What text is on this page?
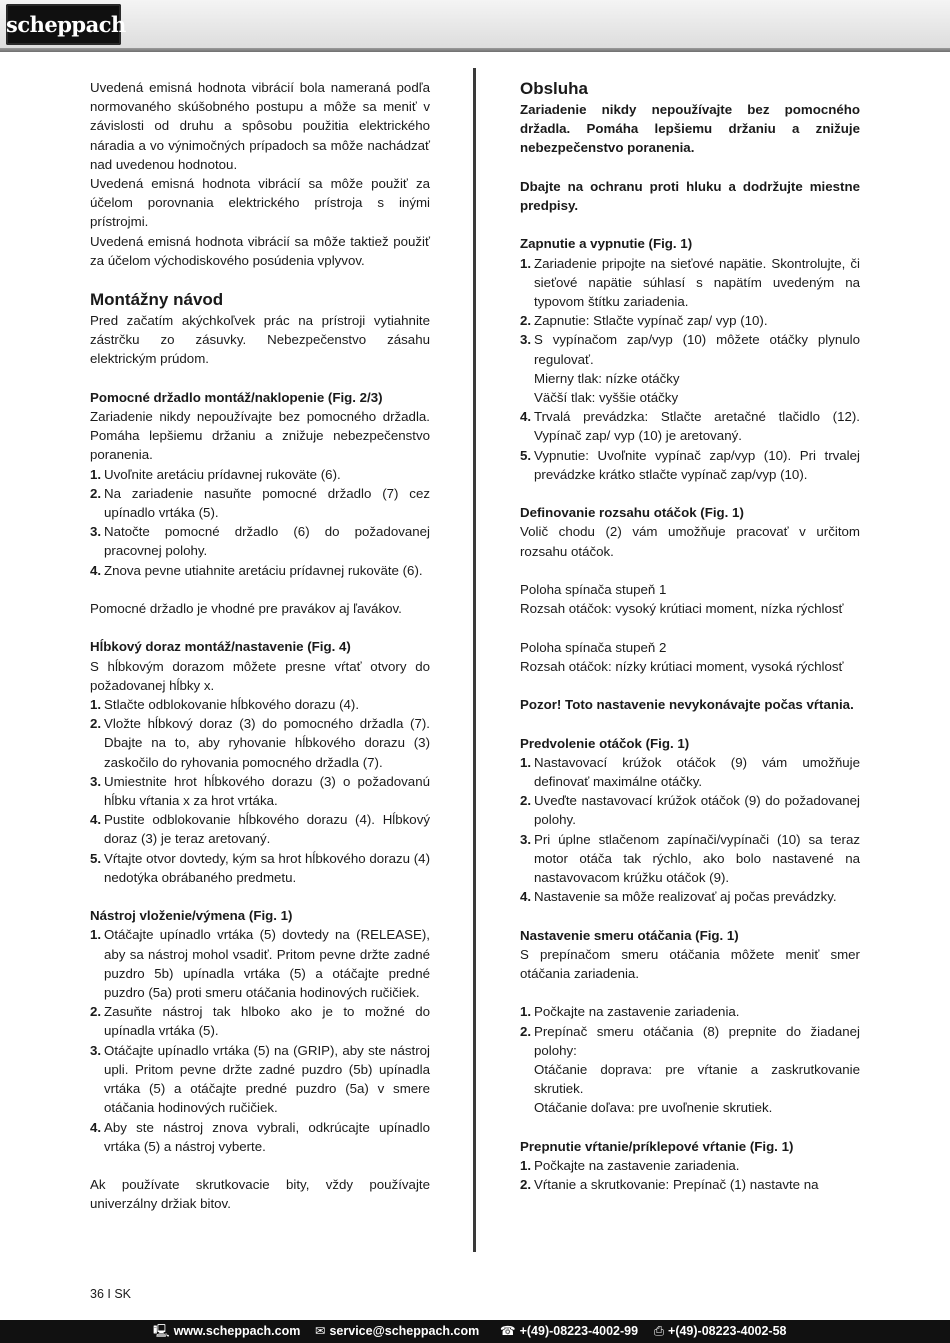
scheppach

Uvedená emisná hodnota vibrácií bola nameraná podľa normovaného skúšobného postupu a môže sa meniť v závislosti od druhu a spôsobu použitia elektrického náradia a vo výnimočných prípadoch sa môže nachádzať nad uvedenou hodnotou.

Uvedená emisná hodnota vibrácií sa môže použiť za účelom porovnania elektrického prístroja s inými prístrojmi.

Uvedená emisná hodnota vibrácií sa môže taktiež použiť za účelom východiskového posúdenia vplyvov.

Montážny návod

Pred začatím akýchkoľvek prác na prístroji vytiahnite zástrčku zo zásuvky. Nebezpečenstvo zásahu elektrickým prúdom.

Pomocné držadlo montáž/naklopenie (Fig. 2/3)

Zariadenie nikdy nepoužívajte bez pomocného držadla. Pomáha lepšiemu držaniu a znižuje nebezpečenstvo poranenia.

1. Uvoľnite aretáciu prídavnej rukoväte (6).
2. Na zariadenie nasuňte pomocné držadlo (7) cez upínadlo vrtáka (5).
3. Natočte pomocné držadlo (6) do požadovanej pracovnej polohy.
4. Znova pevne utiahnite aretáciu prídavnej rukoväte (6).

Pomocné držadlo je vhodné pre pravákov aj ľavákov.

Hĺbkový doraz montáž/nastavenie (Fig. 4)

S hĺbkovým dorazom môžete presne vŕtať otvory do požadovanej hĺbky x.

1. Stlačte odblokovanie hĺbkového dorazu (4).
2. Vložte hĺbkový doraz (3) do pomocného držadla (7). Dbajte na to, aby ryhovanie hĺbkového dorazu (3) zaskočilo do ryhovania pomocného držadla (7).
3. Umiestnite hrot hĺbkového dorazu (3) o požadovanú hĺbku vŕtania x za hrot vrtáka.
4. Pustite odblokovanie hĺbkového dorazu (4). Hĺbkový doraz (3) je teraz aretovaný.
5. Vŕtajte otvor dovtedy, kým sa hrot hĺbkového dorazu (4) nedotýka obrábaného predmetu.
Nástroj vloženie/výmena (Fig. 1)
1. Otáčajte upínadlo vrtáka (5) dovtedy na (RELEASE), aby sa nástroj mohol vsadiť. Pritom pevne držte zadné puzdro 5b) upínadla vrtáka (5) a otáčajte predné puzdro (5a) proti smeru otáčania hodinových ručičiek.
2. Zasuňte nástroj tak hlboko ako je to možné do upínadla vrtáka (5).
3. Otáčajte upínadlo vrtáka (5) na (GRIP), aby ste nástroj upli. Pritom pevne držte zadné puzdro (5b) upínadla vrtáka (5) a otáčajte predné puzdro (5a) v smere otáčania hodinových ručičiek.
4. Aby ste nástroj znova vybrali, odkrúcajte upínadlo vrtáka (5) a nástroj vyberte.

Ak používate skrutkovacie bity, vždy používajte univerzálny držiak bitov.

Obsluha

Zariadenie nikdy nepoužívajte bez pomocného držadla. Pomáha lepšiemu držaniu a znižuje nebezpečenstvo poranenia.

Dbajte na ochranu proti hluku a dodržujte miestne predpisy.

Zapnutie a vypnutie (Fig. 1)
1. Zariadenie pripojte na sieťové napätie. Skontrolujte, či sieťové napätie súhlasí s napätím uvedeným na typovom štítku zariadenia.
2. Zapnutie: Stlačte vypínač zap/ vyp (10).
3. S vypínačom zap/vyp (10) môžete otáčky plynulo regulovať.
Mierny tlak: nízke otáčky
Väčší tlak: vyššie otáčky
4. Trvalá prevádzka: Stlačte aretačné tlačidlo (12). Vypínač zap/ vyp (10) je aretovaný.
5. Vypnutie: Uvoľnite vypínač zap/vyp (10). Pri trvalej prevádzke krátko stlačte vypínač zap/vyp (10).
Definovanie rozsahu otáčok (Fig. 1)

Volič chodu (2) vám umožňuje pracovať v určitom rozsahu otáčok.

Poloha spínača stupeň 1

Rozsah otáčok: vysoký krútiaci moment, nízka rýchlosť

Poloha spínača stupeň 2

Rozsah otáčok: nízky krútiaci moment, vysoká rýchlosť

Pozor! Toto nastavenie nevykonávajte počas vŕtania.

Predvolenie otáčok (Fig. 1)
1. Nastavovací krúžok otáčok (9) vám umožňuje definovať maximálne otáčky.
2. Uveďte nastavovací krúžok otáčok (9) do požadovanej polohy.
3. Pri úplne stlačenom zapínači/vypínači (10) sa teraz motor otáča tak rýchlo, ako bolo nastavené na nastavovacom krúžku otáčok (9).
4. Nastavenie sa môže realizovať aj počas prevádzky.
Nastavenie smeru otáčania (Fig. 1)

S prepínačom smeru otáčania môžete meniť smer otáčania zariadenia.

1. Počkajte na zastavenie zariadenia.
2. Prepínač smeru otáčania (8) prepnite do žiadanej polohy:
Otáčanie doprava: pre vŕtanie a zaskrutkovanie skrutiek.
Otáčanie doľava: pre uvoľnenie skrutiek.
Prepnutie vŕtanie/príklepové vŕtanie (Fig. 1)
1. Počkajte na zastavenie zariadenia.
2. Vŕtanie a skrutkovanie: Prepínač (1) nastavte na
36 I SK
🖳 www.scheppach.com ✉ service@scheppach.com ☎ +(49)-08223-4002-99 ⎙ +(49)-08223-4002-58
